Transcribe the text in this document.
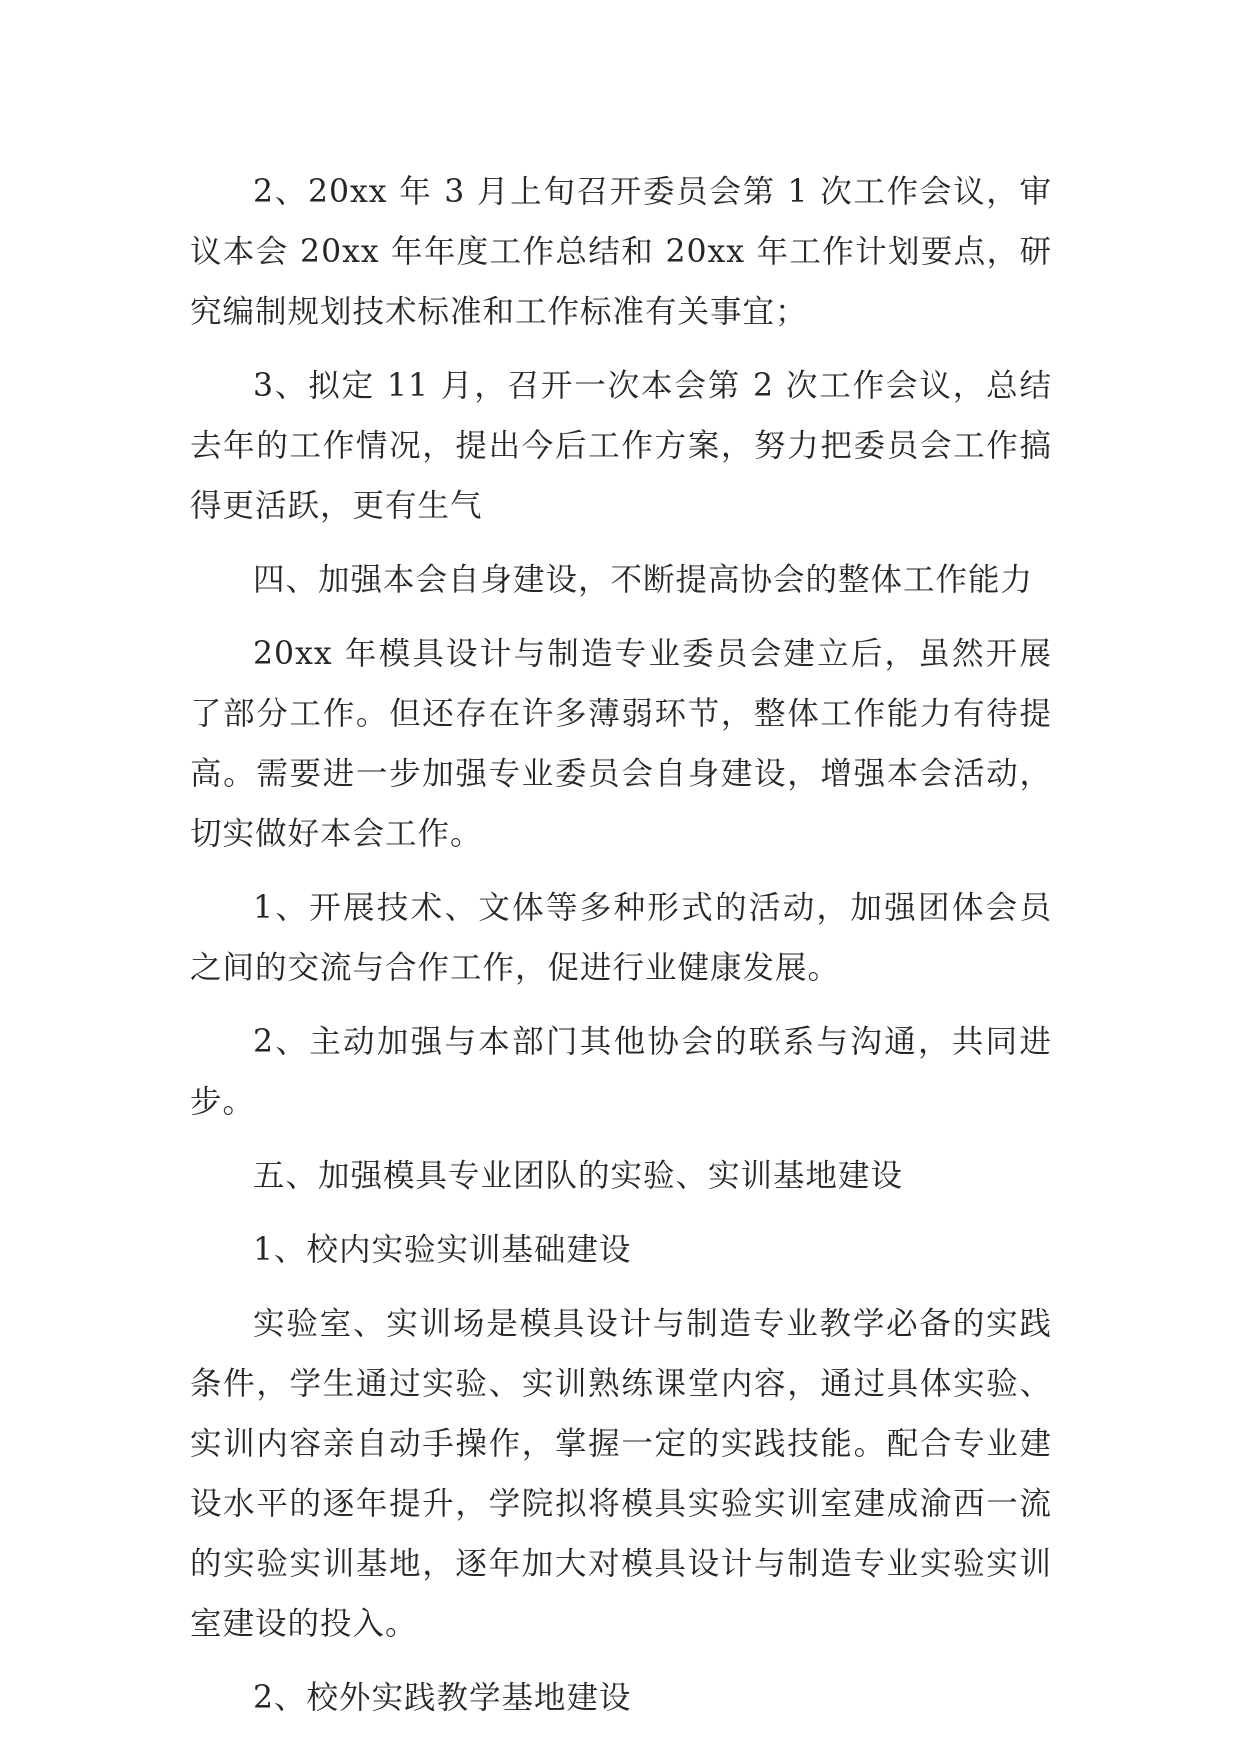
2、20xx 年 3 月上旬召开委员会第 1 次工作会议，审议本会 20xx 年年度工作总结和 20xx 年工作计划要点，研究编制规划技术标准和工作标准有关事宜；

3、拟定 11 月，召开一次本会第 2 次工作会议，总结去年的工作情况，提出今后工作方案，努力把委员会工作搞得更活跃，更有生气

四、加强本会自身建设，不断提高协会的整体工作能力

20xx 年模具设计与制造专业委员会建立后，虽然开展了部分工作。但还存在许多薄弱环节，整体工作能力有待提高。需要进一步加强专业委员会自身建设，增强本会活动，切实做好本会工作。

1、开展技术、文体等多种形式的活动，加强团体会员之间的交流与合作工作，促进行业健康发展。

2、主动加强与本部门其他协会的联系与沟通，共同进步。

五、加强模具专业团队的实验、实训基地建设

1、校内实验实训基础建设

实验室、实训场是模具设计与制造专业教学必备的实践条件，学生通过实验、实训熟练课堂内容，通过具体实验、实训内容亲自动手操作，掌握一定的实践技能。配合专业建设水平的逐年提升，学院拟将模具实验实训室建成渝西一流的实验实训基地，逐年加大对模具设计与制造专业实验实训室建设的投入。

2、校外实践教学基地建设
